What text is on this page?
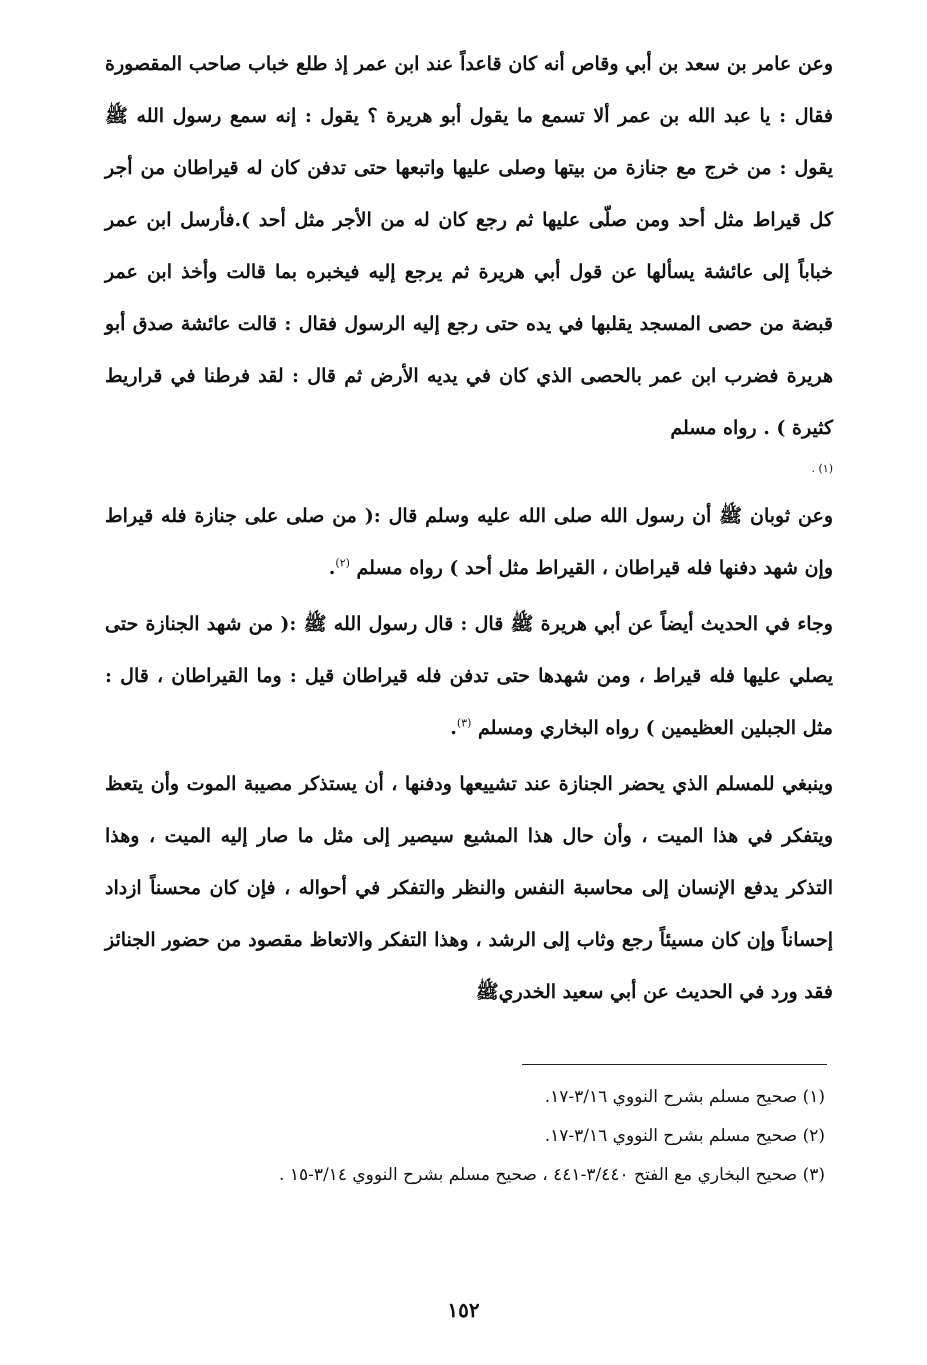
وعن عامر بن سعد بن أبي وقاص أنه كان قاعداً عند ابن عمر إذ طلع خباب صاحب المقصورة فقال : يا عبد الله بن عمر ألا تسمع ما يقول أبو هريرة ؟ يقول : إنه سمع رسول الله ﷺ يقول : من خرج مع جنازة من بيتها وصلى عليها واتبعها حتى تدفن كان له قيراطان من أجر كل قيراط مثل أحد ومن صلّى عليها ثم رجع كان له من الأجر مثل أحد ).فأرسل ابن عمر خباباً إلى عائشة يسألها عن قول أبي هريرة ثم يرجع إليه فيخبره بما قالت وأخذ ابن عمر قبضة من حصى المسجد يقلبها في يده حتى رجع إليه الرسول فقال : قالت عائشة صدق أبو هريرة فضرب ابن عمر بالحصى الذي كان في يديه الأرض ثم قال : لقد فرطنا في قراريط كثيرة ) . رواه مسلم
(١) .

وعن ثوبان ﷺ أن رسول الله صلى الله عليه وسلم قال :( من صلى على جنازة فله قيراط وإن شهد دفنها فله قيراطان ، القيراط مثل أحد ) رواه مسلم $^{(٢)}$.

وجاء في الحديث أيضاً عن أبي هريرة ﷺ قال : قال رسول الله ﷺ :( من شهد الجنازة حتى يصلي عليها فله قيراط ، ومن شهدها حتى تدفن فله قيراطان قيل : وما القيراطان ، قال : مثل الجبلين العظيمين ) رواه البخاري ومسلم $^{(٣)}$.

وينبغي للمسلم الذي يحضر الجنازة عند تشييعها ودفنها ، أن يستذكر مصيبة الموت وأن يتعظ ويتفكر في هذا الميت ، وأن حال هذا المشيع سيصير إلى مثل ما صار إليه الميت ، وهذا التذكر يدفع الإنسان إلى محاسبة النفس والنظر والتفكر في أحواله ، فإن كان محسناً ازداد إحساناً وإن كان مسيئاً رجع وثاب إلى الرشد ، وهذا التفكر والاتعاظ مقصود من حضور الجنائز فقد ورد في الحديث عن أبي سعيد الخدريﷺ

(١) صحيح مسلم بشرح النووي ٣/١٦-١٧.

(٢) صحيح مسلم بشرح النووي ٣/١٦-١٧.

(٣) صحيح البخاري مع الفتح ٣/٤٤٠-٤٤١ ، صحيح مسلم بشرح النووي ٣/١٤-١٥ .

١٥٢
